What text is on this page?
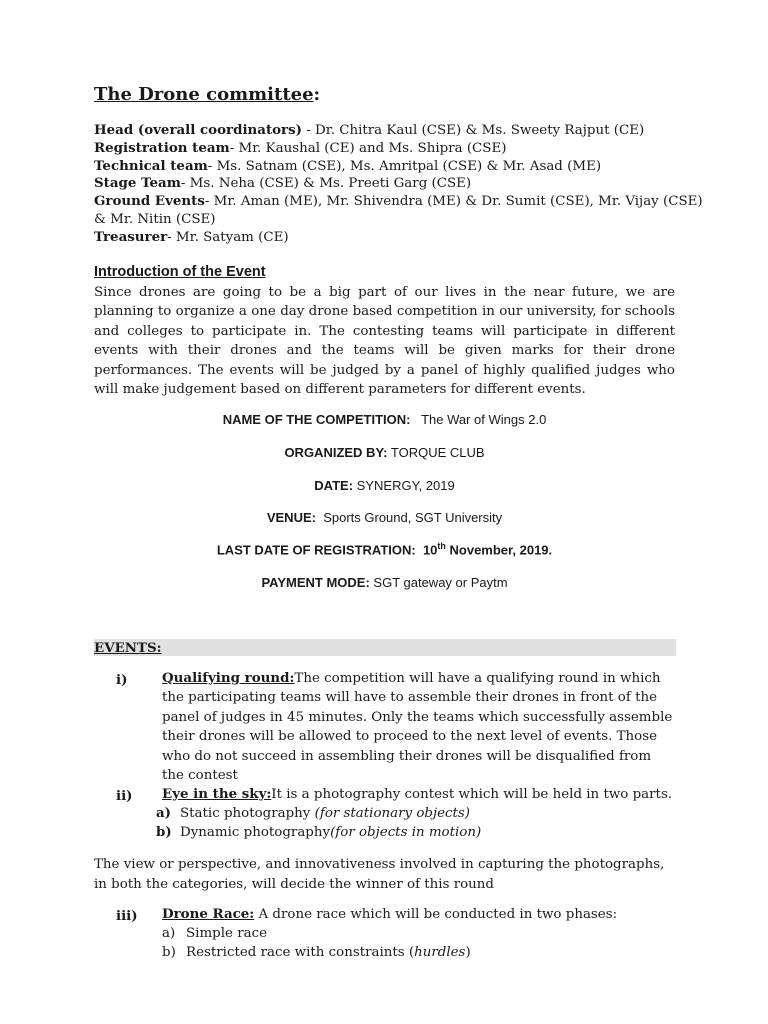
The Drone committee:
Head (overall coordinators) - Dr. Chitra Kaul (CSE) & Ms. Sweety Rajput (CE)
Registration team- Mr. Kaushal (CE) and Ms. Shipra (CSE)
Technical team- Ms. Satnam (CSE), Ms. Amritpal (CSE) & Mr. Asad (ME)
Stage Team- Ms. Neha (CSE) & Ms. Preeti Garg (CSE)
Ground Events- Mr. Aman (ME), Mr. Shivendra (ME) & Dr. Sumit (CSE), Mr. Vijay (CSE)
& Mr. Nitin (CSE)
Treasurer- Mr. Satyam (CE)
Introduction of the Event
Since drones are going to be a big part of our lives in the near future, we are planning to organize a one day drone based competition in our university, for schools and colleges to participate in. The contesting teams will participate in different events with their drones and the teams will be given marks for their drone performances. The events will be judged by a panel of highly qualified judges who will make judgement based on different parameters for different events.
NAME OF THE COMPETITION: The War of Wings 2.0
ORGANIZED BY: TORQUE CLUB
DATE: SYNERGY, 2019
VENUE: Sports Ground, SGT University
LAST DATE OF REGISTRATION: 10th November, 2019.
PAYMENT MODE: SGT gateway or Paytm
EVENTS:
i)	Qualifying round:The competition will have a qualifying round in which the participating teams will have to assemble their drones in front of the panel of judges in 45 minutes. Only the teams which successfully assemble their drones will be allowed to proceed to the next level of events. Those who do not succeed in assembling their drones will be disqualified from the contest
ii) Eye in the sky:It is a photography contest which will be held in two parts.
a) Static photography (for stationary objects)
b) Dynamic photography(for objects in motion)
The view or perspective, and innovativeness involved in capturing the photographs, in both the categories, will decide the winner of this round
iii) Drone Race: A drone race which will be conducted in two phases:
a) Simple race
b) Restricted race with constraints (hurdles)
